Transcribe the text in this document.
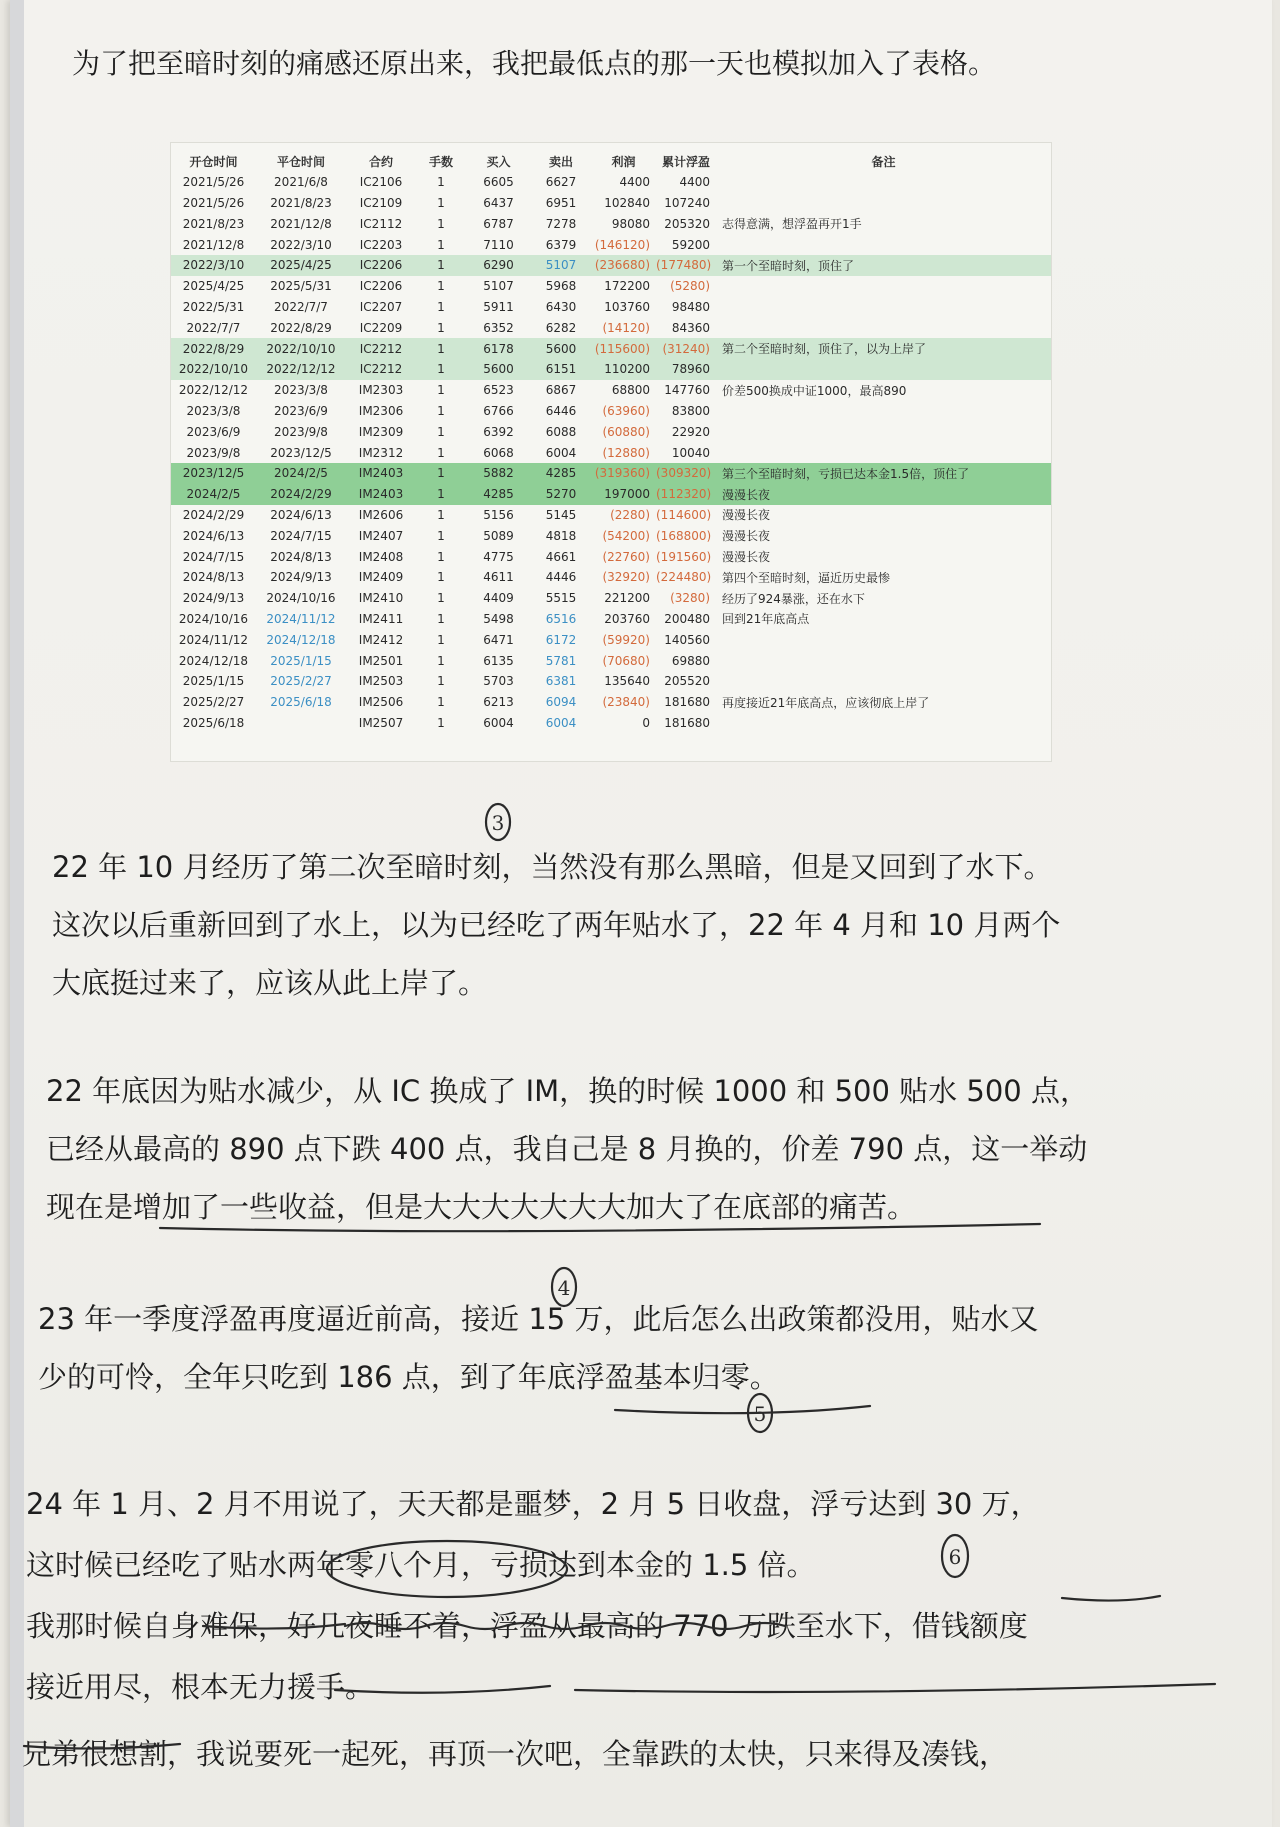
为了把至暗时刻的痛感还原出来，我把最低点的那一天也模拟加入了表格。

开仓时间	平仓时间	合约	手数	买入	卖出	利润	累计浮盈	备注
2021/5/26	2021/6/8	IC2106	1	6605	6627	4400	4400	
2021/5/26	2021/8/23	IC2109	1	6437	6951	102840	107240	
2021/8/23	2021/12/8	IC2112	1	6787	7278	98080	205320	志得意满，想浮盈再开1手
2021/12/8	2022/3/10	IC2203	1	7110	6379	(146120)	59200	
2022/3/10	2025/4/25	IC2206	1	6290	5107	(236680)	(177480)	第一个至暗时刻，顶住了
2025/4/25	2025/5/31	IC2206	1	5107	5968	172200	(5280)	
2022/5/31	2022/7/7	IC2207	1	5911	6430	103760	98480	
2022/7/7	2022/8/29	IC2209	1	6352	6282	(14120)	84360	
2022/8/29	2022/10/10	IC2212	1	6178	5600	(115600)	(31240)	第二个至暗时刻，顶住了，以为上岸了
2022/10/10	2022/12/12	IC2212	1	5600	6151	110200	78960	
2022/12/12	2023/3/8	IM2303	1	6523	6867	68800	147760	价差500换成中证1000，最高890
2023/3/8	2023/6/9	IM2306	1	6766	6446	(63960)	83800	
2023/6/9	2023/9/8	IM2309	1	6392	6088	(60880)	22920	
2023/9/8	2023/12/5	IM2312	1	6068	6004	(12880)	10040	
2023/12/5	2024/2/5	IM2403	1	5882	4285	(319360)	(309320)	第三个至暗时刻，亏损已达本金1.5倍，顶住了
2024/2/5	2024/2/29	IM2403	1	4285	5270	197000	(112320)	漫漫长夜
2024/2/29	2024/6/13	IM2606	1	5156	5145	(2280)	(114600)	漫漫长夜
2024/6/13	2024/7/15	IM2407	1	5089	4818	(54200)	(168800)	漫漫长夜
2024/7/15	2024/8/13	IM2408	1	4775	4661	(22760)	(191560)	漫漫长夜
2024/8/13	2024/9/13	IM2409	1	4611	4446	(32920)	(224480)	第四个至暗时刻，逼近历史最惨
2024/9/13	2024/10/16	IM2410	1	4409	5515	221200	(3280)	经历了924暴涨，还在水下
2024/10/16	2024/11/12	IM2411	1	5498	6516	203760	200480	回到21年底高点
2024/11/12	2024/12/18	IM2412	1	6471	6172	(59920)	140560	
2024/12/18	2025/1/15	IM2501	1	6135	5781	(70680)	69880	
2025/1/15	2025/2/27	IM2503	1	5703	6381	135640	205520	
2025/2/27	2025/6/18	IM2506	1	6213	6094	(23840)	181680	再度接近21年底高点，应该彻底上岸了
2025/6/18		IM2507	1	6004	6004	0	181680	

22 年 10 月经历了第二次至暗时刻，当然没有那么黑暗，但是又回到了水下。
这次以后重新回到了水上，以为已经吃了两年贴水了，22 年 4 月和 10 月两个
大底挺过来了，应该从此上岸了。

22 年底因为贴水减少，从 IC 换成了 IM，换的时候 1000 和 500 贴水 500 点，
已经从最高的 890 点下跌 400 点，我自己是 8 月换的，价差 790 点，这一举动
现在是增加了一些收益，但是大大大大大大大加大了在底部的痛苦。

23 年一季度浮盈再度逼近前高，接近 15 万，此后怎么出政策都没用，贴水又
少的可怜，全年只吃到 186 点，到了年底浮盈基本归零。

24 年 1 月、2 月不用说了，天天都是噩梦，2 月 5 日收盘，浮亏达到 30 万，
这时候已经吃了贴水两年零八个月，亏损达到本金的 1.5 倍。
我那时候自身难保，好几夜睡不着，浮盈从最高的 770 万跌至水下，借钱额度
接近用尽，根本无力援手。

兄弟很想割，我说要死一起死，再顶一次吧，全靠跌的太快，只来得及凑钱，

3
4
5
6
